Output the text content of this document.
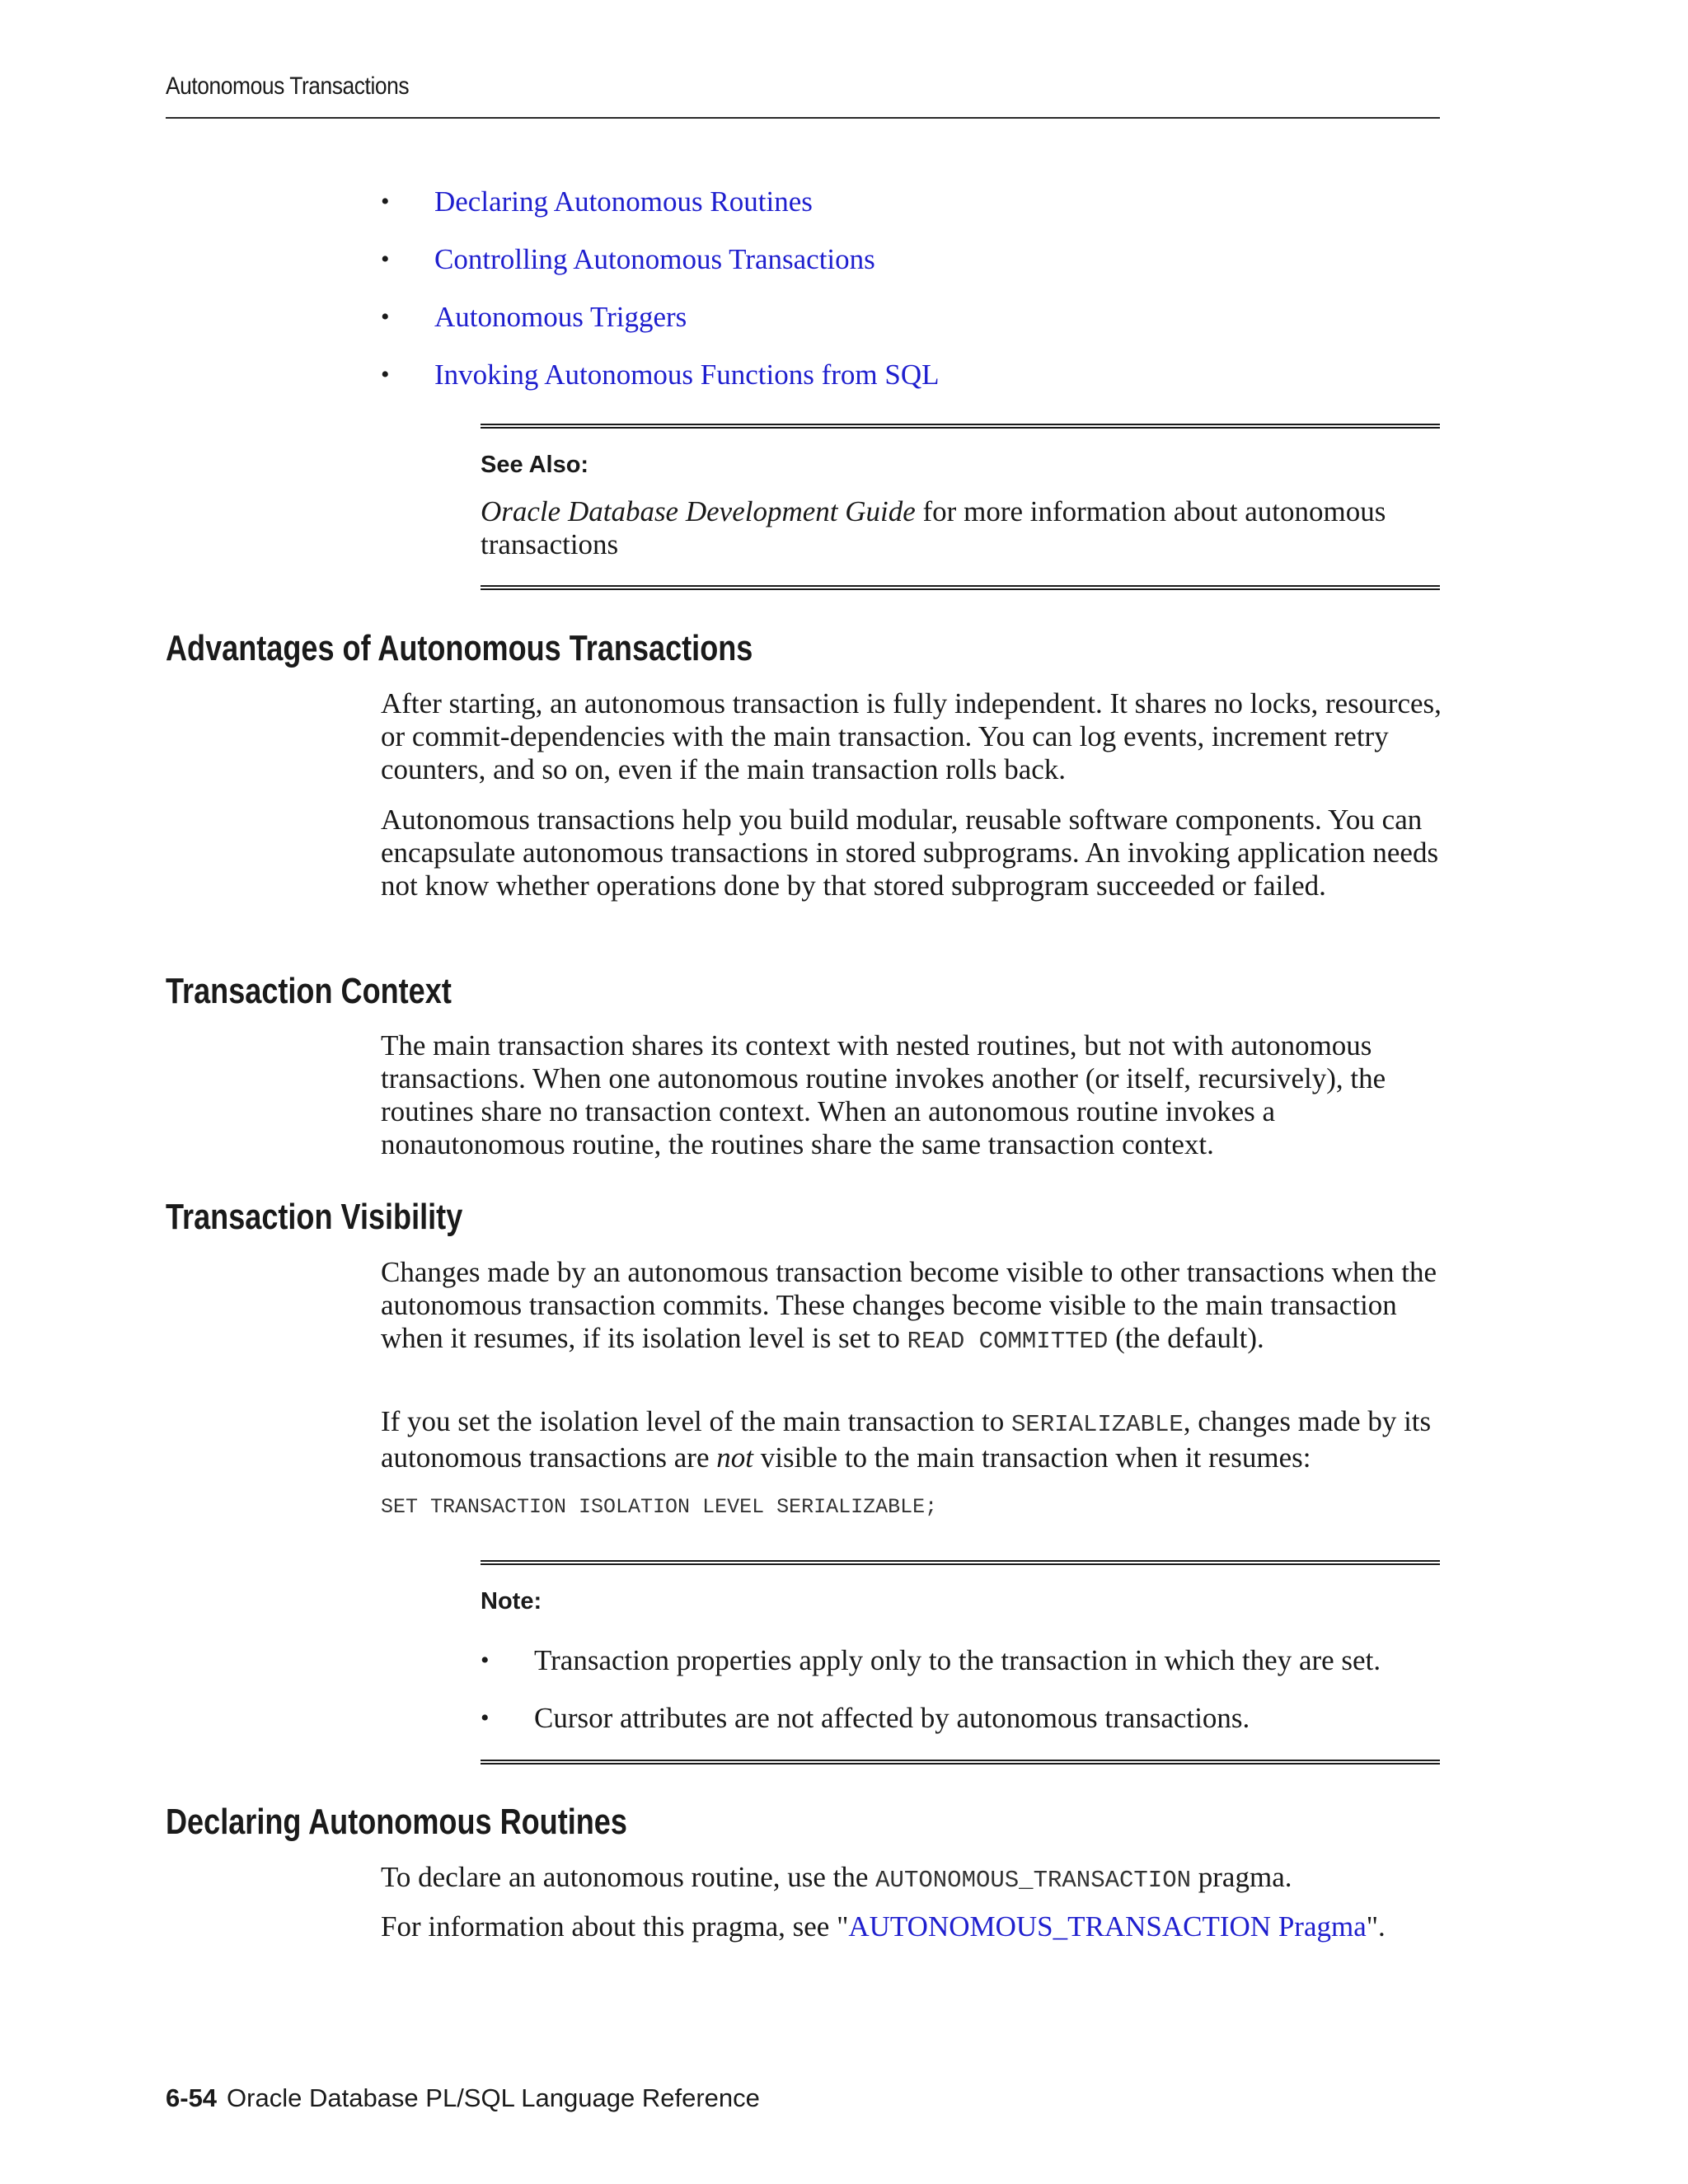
Autonomous Transactions
•	Declaring Autonomous Routines
•	Controlling Autonomous Transactions
•	Autonomous Triggers
•	Invoking Autonomous Functions from SQL
See Also:
Oracle Database Development Guide for more information about autonomous transactions
Advantages of Autonomous Transactions

After starting, an autonomous transaction is fully independent. It shares no locks, resources, or commit-dependencies with the main transaction. You can log events, increment retry counters, and so on, even if the main transaction rolls back.

Autonomous transactions help you build modular, reusable software components. You can encapsulate autonomous transactions in stored subprograms. An invoking application needs not know whether operations done by that stored subprogram succeeded or failed.

Transaction Context

The main transaction shares its context with nested routines, but not with autonomous transactions. When one autonomous routine invokes another (or itself, recursively), the routines share no transaction context. When an autonomous routine invokes a nonautonomous routine, the routines share the same transaction context.

Transaction Visibility

Changes made by an autonomous transaction become visible to other transactions when the autonomous transaction commits. These changes become visible to the main transaction when it resumes, if its isolation level is set to READ COMMITTED (the default).

If you set the isolation level of the main transaction to SERIALIZABLE, changes made by its autonomous transactions are not visible to the main transaction when it resumes:

SET TRANSACTION ISOLATION LEVEL SERIALIZABLE;
Note:
•	Transaction properties apply only to the transaction in which they are set.
•	Cursor attributes are not affected by autonomous transactions.
Declaring Autonomous Routines

To declare an autonomous routine, use the AUTONOMOUS_TRANSACTION pragma.

For information about this pragma, see "AUTONOMOUS_TRANSACTION Pragma".

6-54 Oracle Database PL/SQL Language Reference
